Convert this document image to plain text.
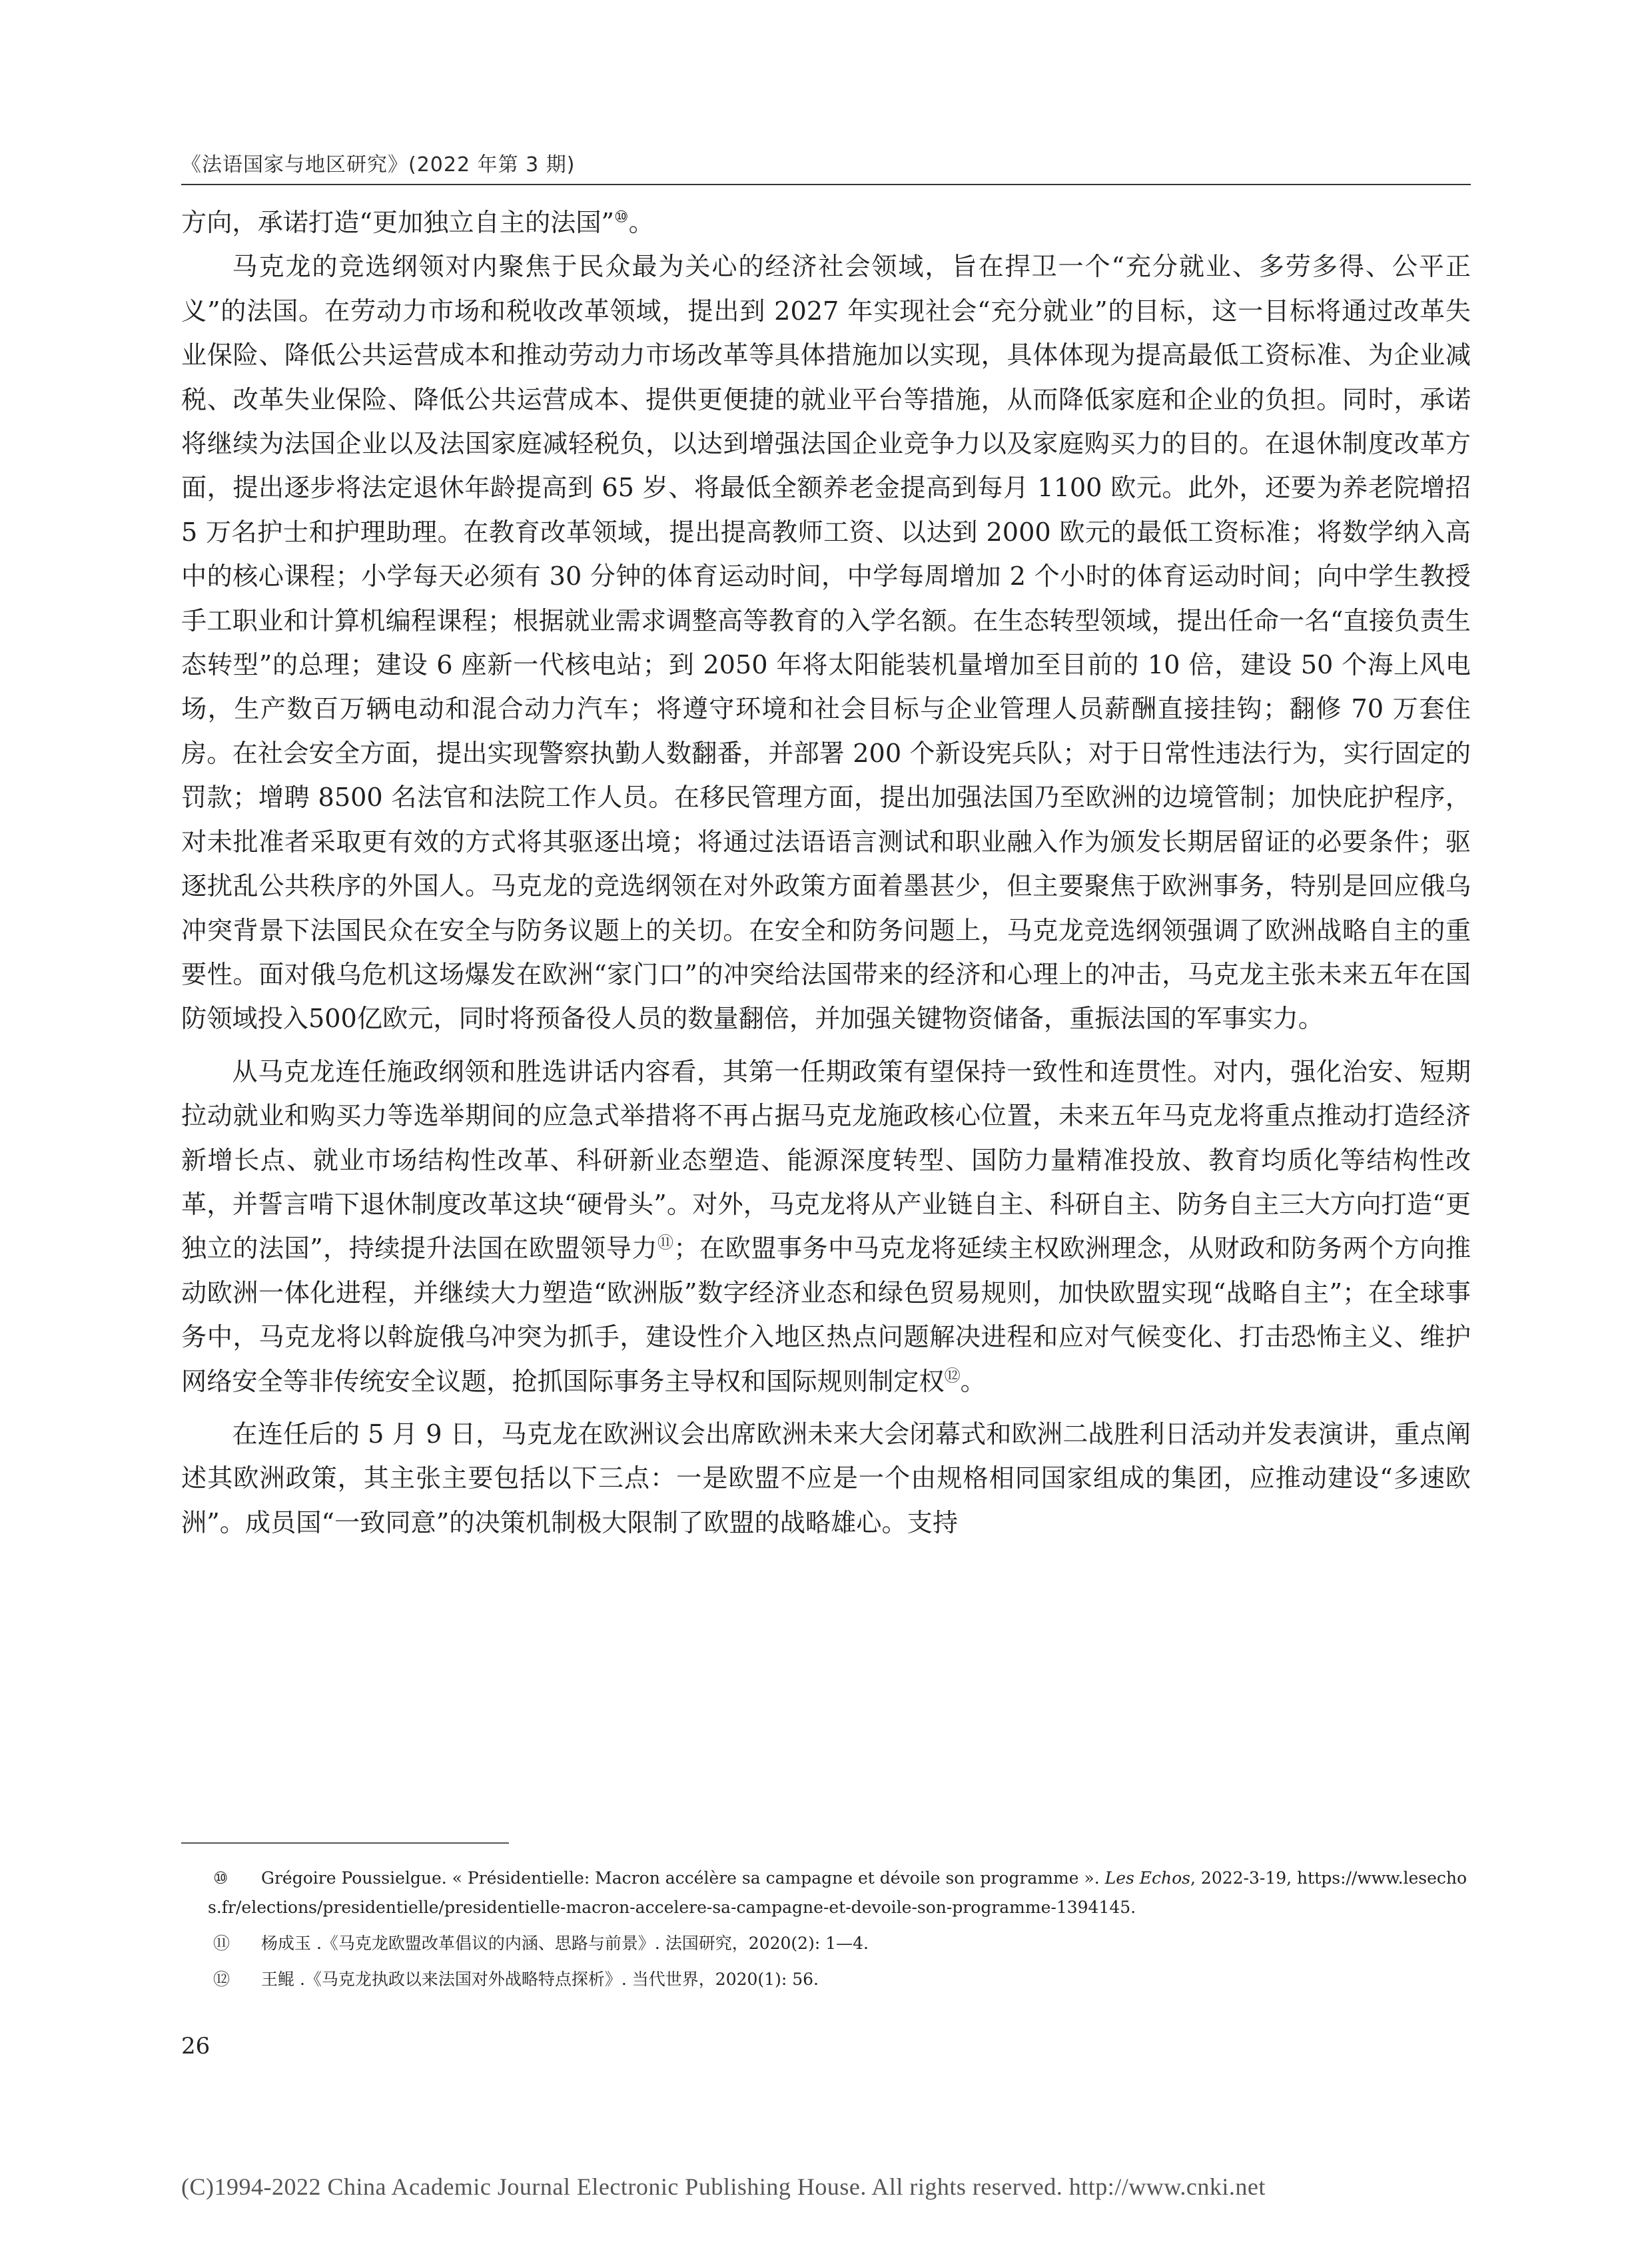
《法语国家与地区研究》(2022 年第 3 期)

方向，承诺打造“更加独立自主的法国”⑩。

马克龙的竞选纲领对内聚焦于民众最为关心的经济社会领域，旨在捍卫一个“充分就业、多劳多得、公平正义”的法国。在劳动力市场和税收改革领域，提出到 2027 年实现社会“充分就业”的目标，这一目标将通过改革失业保险、降低公共运营成本和推动劳动力市场改革等具体措施加以实现，具体体现为提高最低工资标准、为企业减税、改革失业保险、降低公共运营成本、提供更便捷的就业平台等措施，从而降低家庭和企业的负担。同时，承诺将继续为法国企业以及法国家庭减轻税负，以达到增强法国企业竞争力以及家庭购买力的目的。在退休制度改革方面，提出逐步将法定退休年龄提高到 65 岁、将最低全额养老金提高到每月 1100 欧元。此外，还要为养老院增招 5 万名护士和护理助理。在教育改革领域，提出提高教师工资、以达到 2000 欧元的最低工资标准；将数学纳入高中的核心课程；小学每天必须有 30 分钟的体育运动时间，中学每周增加 2 个小时的体育运动时间；向中学生教授手工职业和计算机编程课程；根据就业需求调整高等教育的入学名额。在生态转型领域，提出任命一名“直接负责生态转型”的总理；建设 6 座新一代核电站；到 2050 年将太阳能装机量增加至目前的 10 倍，建设 50 个海上风电场，生产数百万辆电动和混合动力汽车；将遵守环境和社会目标与企业管理人员薪酬直接挂钩；翻修 70 万套住房。在社会安全方面，提出实现警察执勤人数翻番，并部署 200 个新设宪兵队；对于日常性违法行为，实行固定的罚款；增聘 8500 名法官和法院工作人员。在移民管理方面，提出加强法国乃至欧洲的边境管制；加快庇护程序，对未批准者采取更有效的方式将其驱逐出境；将通过法语语言测试和职业融入作为颁发长期居留证的必要条件；驱逐扰乱公共秩序的外国人。马克龙的竞选纲领在对外政策方面着墨甚少，但主要聚焦于欧洲事务，特别是回应俄乌冲突背景下法国民众在安全与防务议题上的关切。在安全和防务问题上，马克龙竞选纲领强调了欧洲战略自主的重要性。面对俄乌危机这场爆发在欧洲“家门口”的冲突给法国带来的经济和心理上的冲击，马克龙主张未来五年在国防领域投入500亿欧元，同时将预备役人员的数量翻倍，并加强关键物资储备，重振法国的军事实力。

从马克龙连任施政纲领和胜选讲话内容看，其第一任期政策有望保持一致性和连贯性。对内，强化治安、短期拉动就业和购买力等选举期间的应急式举措将不再占据马克龙施政核心位置，未来五年马克龙将重点推动打造经济新增长点、就业市场结构性改革、科研新业态塑造、能源深度转型、国防力量精准投放、教育均质化等结构性改革，并誓言啃下退休制度改革这块“硬骨头”。对外，马克龙将从产业链自主、科研自主、防务自主三大方向打造“更独立的法国”，持续提升法国在欧盟领导力⑪；在欧盟事务中马克龙将延续主权欧洲理念，从财政和防务两个方向推动欧洲一体化进程，并继续大力塑造“欧洲版”数字经济业态和绿色贸易规则，加快欧盟实现“战略自主”；在全球事务中，马克龙将以斡旋俄乌冲突为抓手，建设性介入地区热点问题解决进程和应对气候变化、打击恐怖主义、维护网络安全等非传统安全议题，抢抓国际事务主导权和国际规则制定权⑫。

在连任后的 5 月 9 日，马克龙在欧洲议会出席欧洲未来大会闭幕式和欧洲二战胜利日活动并发表演讲，重点阐述其欧洲政策，其主张主要包括以下三点：一是欧盟不应是一个由规格相同国家组成的集团，应推动建设“多速欧洲”。成员国“一致同意”的决策机制极大限制了欧盟的战略雄心。支持

⑩ Grégoire Poussielgue. « Présidentielle: Macron accélère sa campagne et dévoile son programme ». Les Echos, 2022-3-19, https://www.lesechos.fr/elections/presidentielle/presidentielle-macron-accelere-sa-campagne-et-devoile-son-programme-1394145.

⑪ 杨成玉 .《马克龙欧盟改革倡议的内涵、思路与前景》. 法国研究，2020(2): 1—4.

⑫ 王鲲 .《马克龙执政以来法国对外战略特点探析》. 当代世界，2020(1): 56.

26
(C)1994-2022 China Academic Journal Electronic Publishing House. All rights reserved. http://www.cnki.net
